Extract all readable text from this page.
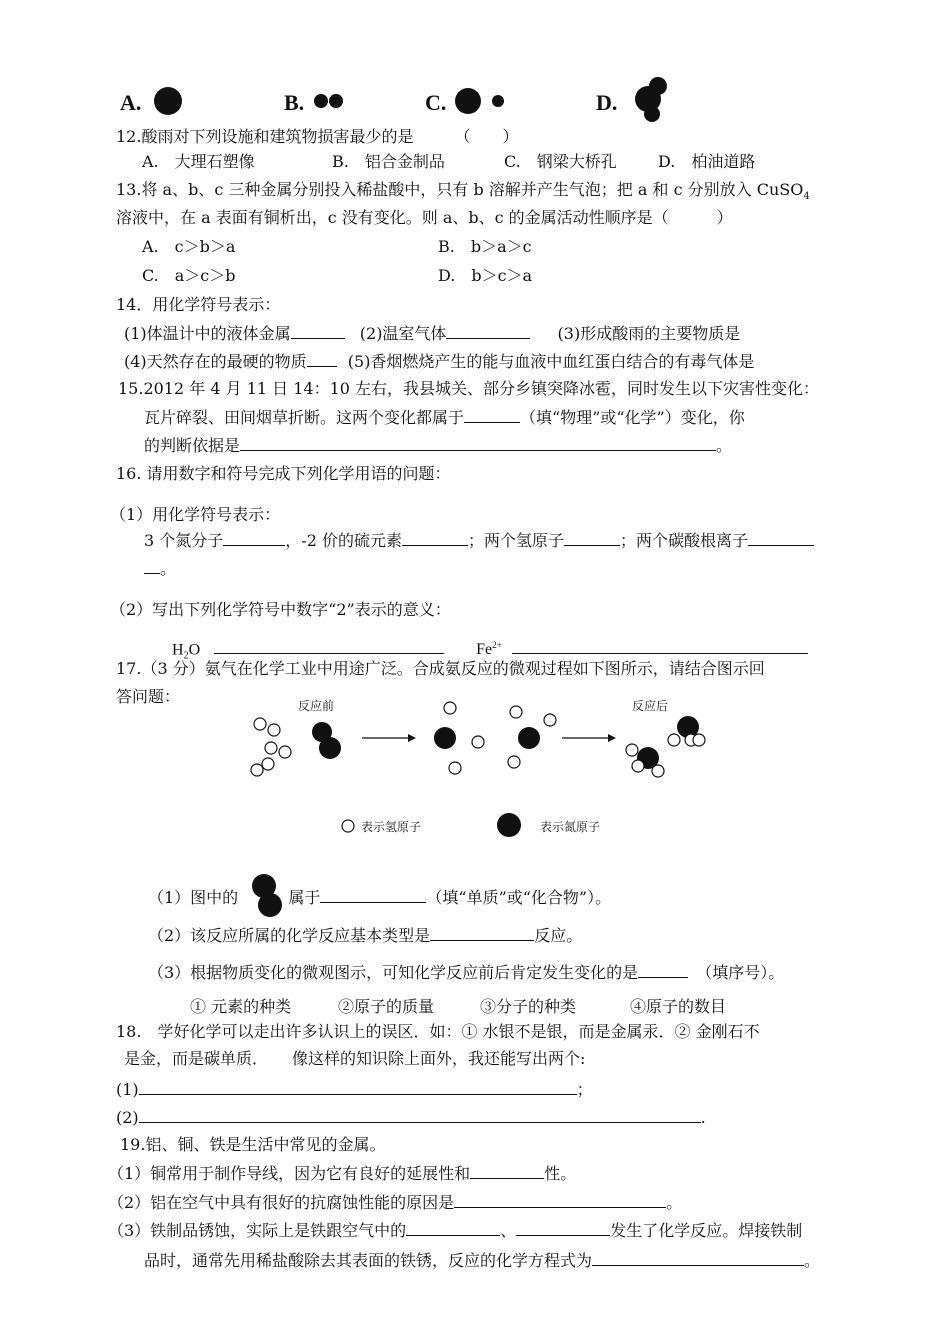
A.	B.	C.	D.
12.酸雨对下列设施和建筑物损害最少的是	（　　）
A.　大理石塑像	B.　铝合金制品	C.　钢梁大桥孔	D.　柏油道路
13.将 a、b、c 三种金属分别投入稀盐酸中，只有 b 溶解并产生气泡；把 a 和 c 分别放入 CuSO$_4$
溶液中，在 a 表面有铜析出，c 没有变化。则 a、b、c 的金属活动性顺序是（　　　）
A.　c＞b＞a	B.　b＞a＞c
C.　a＞c＞b	D.　b＞c＞a
14．用化学符号表示：
(1)体温计中的液体金属	(2)温室气体	(3)形成酸雨的主要物质是
(4)天然存在的最硬的物质	(5)香烟燃烧产生的能与血液中血红蛋白结合的有毒气体是
15.2012 年 4 月 11 日 14：10 左右，我县城关、部分乡镇突降冰雹，同时发生以下灾害性变化：
瓦片碎裂、田间烟草折断。这两个变化都属于	（填“物理”或“化学”）变化，你
的判断依据是	。
16. 请用数字和符号完成下列化学用语的问题：
（1）用化学符号表示：
3 个氮分子	，-2 价的硫元素	；两个氢原子	；两个碳酸根离子
。
（2）写出下列化学符号中数字“2”表示的意义：
$H_2O$	$Fe^{2+}$
17.（3 分）氨气在化学工业中用途广泛。合成氨反应的微观过程如下图所示，请结合图示回
答问题：	反应前	反应后
表示氢原子	表示氮原子
（1）图中的	属于	（填“单质”或“化合物”）。
（2）该反应所属的化学反应基本类型是	反应。
（3）根据物质变化的微观图示，可知化学反应前后肯定发生变化的是	（填序号）。
① 元素的种类	②原子的质量	③分子的种类	④原子的数目
18.　学好化学可以走出许多认识上的误区．如：① 水银不是银，而是金属汞．② 金刚石不
是金，而是碳单质．　　像这样的知识除上面外，我还能写出两个:
(1)	；
(2)	.
19.铝、铜、铁是生活中常见的金属。
（1）铜常用于制作导线，因为它有良好的延展性和	性。
（2）铝在空气中具有很好的抗腐蚀性能的原因是	。
（3）铁制品锈蚀，实际上是铁跟空气中的	、	发生了化学反应。焊接铁制
品时，通常先用稀盐酸除去其表面的铁锈，反应的化学方程式为	。
